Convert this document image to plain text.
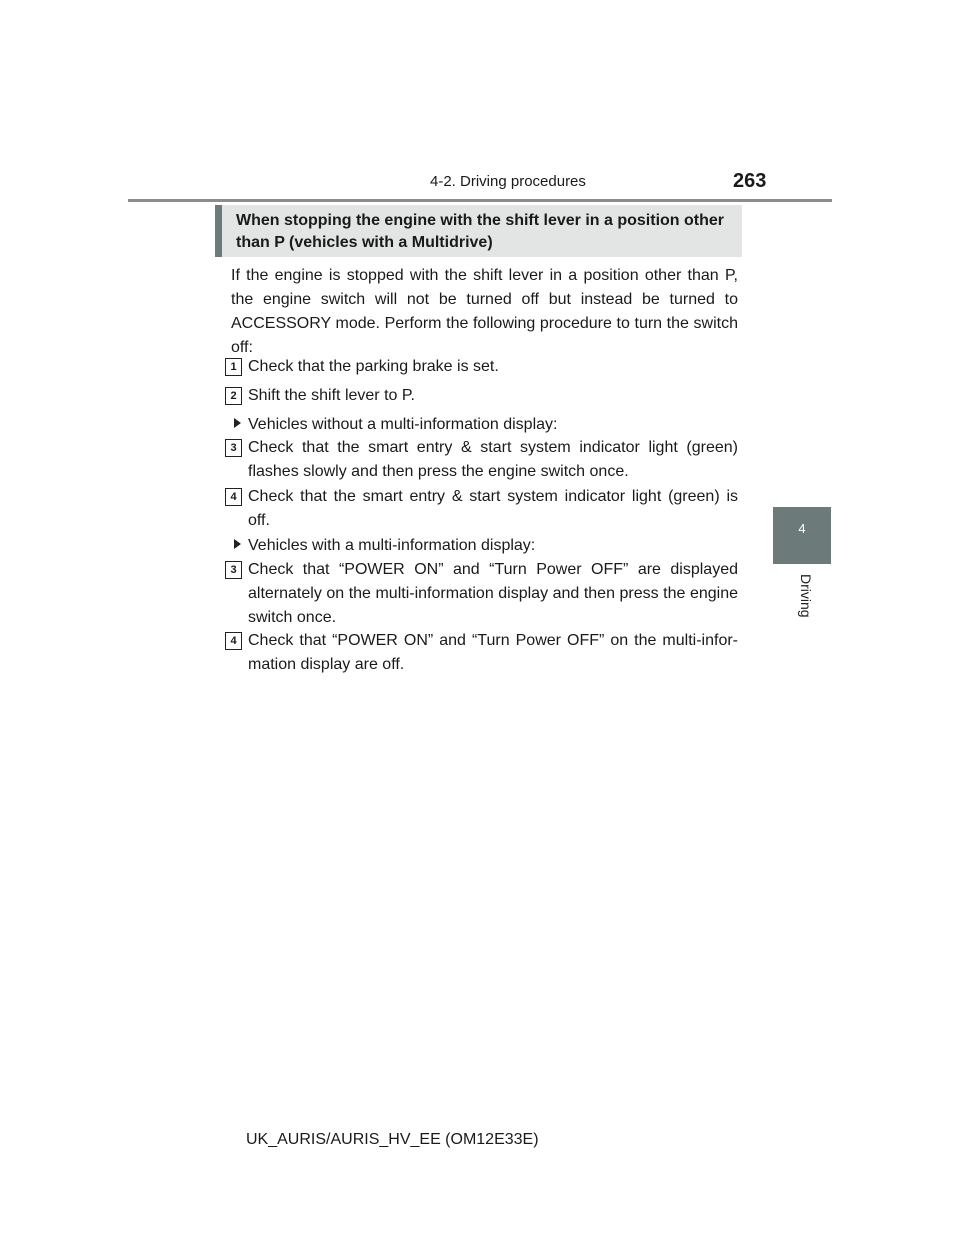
4-2. Driving procedures	263
4
Driving
When stopping the engine with the shift lever in a position other than P (vehicles with a Multidrive)
If the engine is stopped with the shift lever in a position other than P, the engine switch will not be turned off but instead be turned to ACCESSORY mode. Perform the following procedure to turn the switch off:
1 Check that the parking brake is set.
2 Shift the shift lever to P.
Vehicles without a multi-information display:
3 Check that the smart entry & start system indicator light (green) flashes slowly and then press the engine switch once.
4 Check that the smart entry & start system indicator light (green) is off.
Vehicles with a multi-information display:
3 Check that “POWER ON” and “Turn Power OFF” are displayed alternately on the multi-information display and then press the engine switch once.
4 Check that “POWER ON” and “Turn Power OFF” on the multi-infor-mation display are off.
UK_AURIS/AURIS_HV_EE (OM12E33E)
